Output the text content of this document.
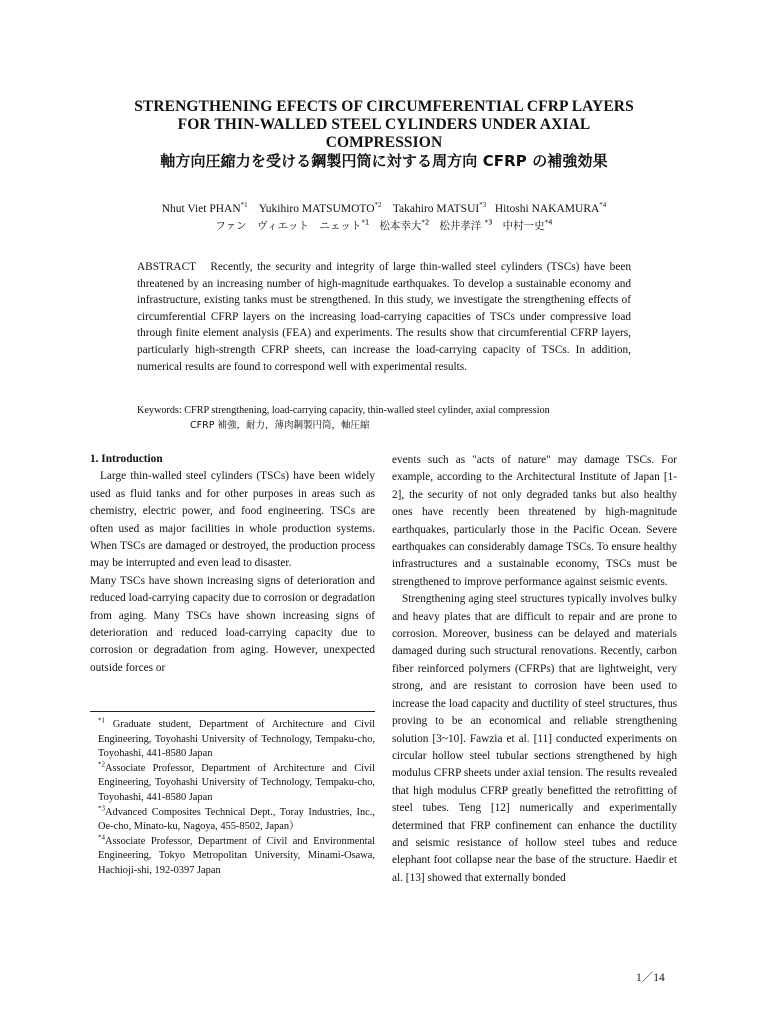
STRENGTHENING EFECTS OF CIRCUMFERENTIAL CFRP LAYERS
FOR THIN-WALLED STEEL CYLINDERS UNDER AXIAL
COMPRESSION
軸方向圧縮力を受ける鋼製円筒に対する周方向 CFRP の補強効果
Nhut Viet PHAN$^{*1}$ Yukihiro MATSUMOTO$^{*2}$ Takahiro MATSUI$^{*3}$ Hitoshi NAKAMURA$^{*4}$
ファン　ヴィエット　ニェット$^{*1}$ 松本幸大$^{*2}$ 松井孝洋 $^{*3}$ 中村一史$^{*4}$
ABSTRACT　Recently, the security and integrity of large thin-walled steel cylinders (TSCs) have been threatened by an increasing number of high-magnitude earthquakes. To develop a sustainable economy and infrastructure, existing tanks must be strengthened. In this study, we investigate the strengthening effects of circumferential CFRP layers on the increasing load-carrying capacities of TSCs under compressive load through finite element analysis (FEA) and experiments. The results show that circumferential CFRP layers, particularly high-strength CFRP sheets, can increase the load-carrying capacity of TSCs. In addition, numerical results are found to correspond well with experimental results.
Keywords: CFRP strengthening, load-carrying capacity, thin-walled steel cylinder, axial compression
CFRP 補強，耐力，薄肉鋼製円筒，軸圧縮

1. Introduction

Large thin-walled steel cylinders (TSCs) have been widely used as fluid tanks and for other purposes in areas such as chemistry, electric power, and food engineering. TSCs are often used as major facilities in whole production systems. When TSCs are damaged or destroyed, the production process may be interrupted and even lead to disaster.

Many TSCs have shown increasing signs of deterioration and reduced load-carrying capacity due to corrosion or degradation from aging. Many TSCs have shown increasing signs of deterioration and reduced load-carrying capacity due to corrosion or degradation from aging. However, unexpected outside forces or

$^{*1}$ Graduate student, Department of Architecture and Civil Engineering, Toyohashi University of Technology, Tempaku-cho, Toyohashi, 441-8580 Japan

$^{*2}$Associate Professor, Department of Architecture and Civil Engineering, Toyohashi University of Technology, Tempaku-cho, Toyohashi, 441-8580 Japan

$^{*3}$Advanced Composites Technical Dept., Toray Industries, Inc., Oe-cho, Minato-ku, Nagoya, 455-8502, Japan）

$^{*4}$Associate Professor, Department of Civil and Environmental Engineering, Tokyo Metropolitan University, Minami-Osawa, Hachioji-shi, 192-0397 Japan

events such as "acts of nature" may damage TSCs. For example, according to the Architectural Institute of Japan [1-2], the security of not only degraded tanks but also healthy ones have recently been threatened by high-magnitude earthquakes, particularly those in the Pacific Ocean. Severe earthquakes can considerably damage TSCs. To ensure healthy infrastructures and a sustainable economy, TSCs must be strengthened to improve performance against seismic events.

Strengthening aging steel structures typically involves bulky and heavy plates that are difficult to repair and are prone to corrosion. Moreover, business can be delayed and materials damaged during such structural renovations. Recently, carbon fiber reinforced polymers (CFRPs) that are lightweight, very strong, and are resistant to corrosion have been used to increase the load capacity and ductility of steel structures, thus proving to be an economical and reliable strengthening solution [3~10]. Fawzia et al. [11] conducted experiments on circular hollow steel tubular sections strengthened by high modulus CFRP sheets under axial tension. The results revealed that high modulus CFRP greatly benefitted the retrofitting of steel tubes. Teng [12] numerically and experimentally determined that FRP confinement can enhance the ductility and seismic resistance of hollow steel tubes and reduce elephant foot collapse near the base of the structure. Haedir et al. [13] showed that externally bonded

1／14
